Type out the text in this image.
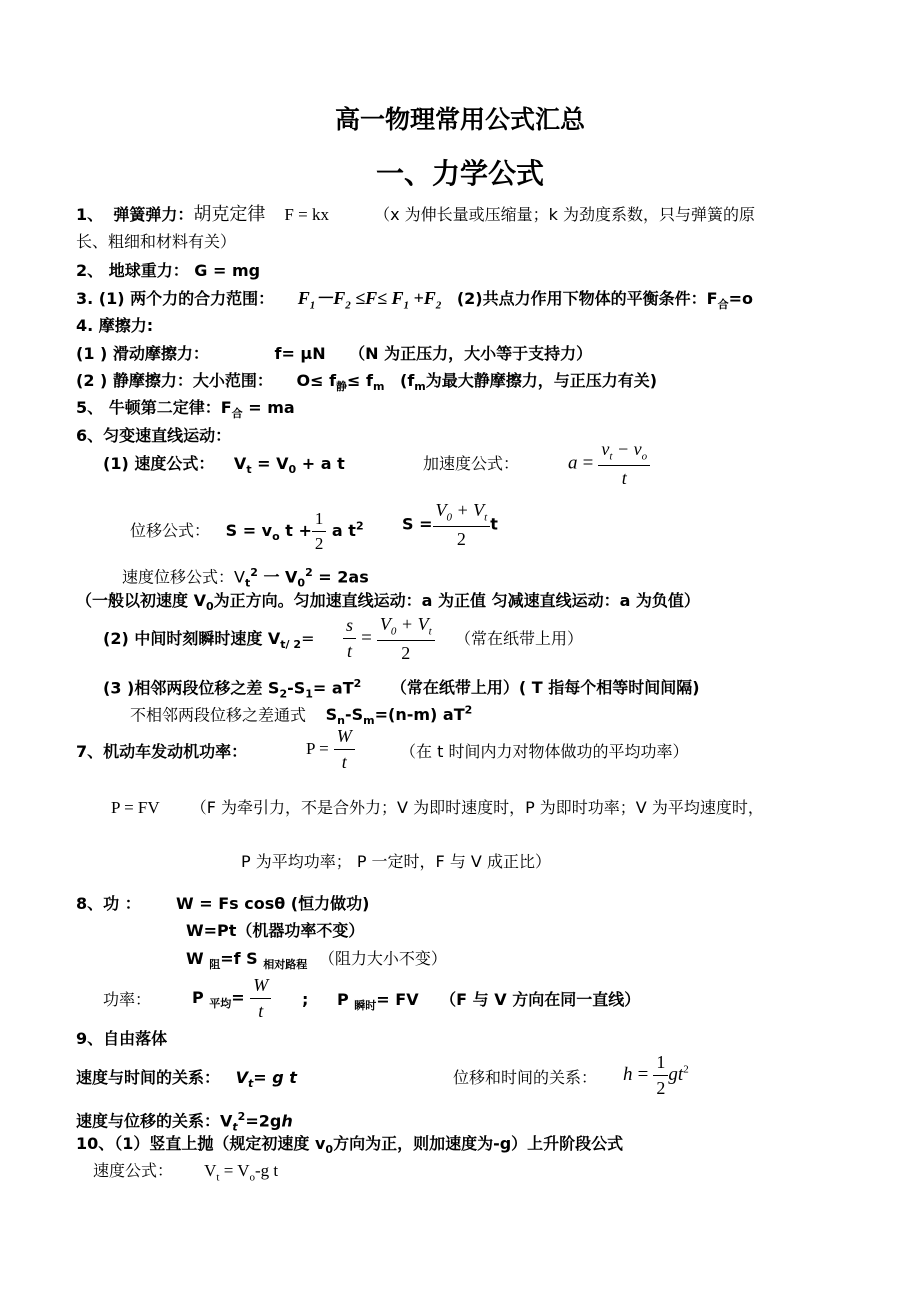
高一物理常用公式汇总
一、力学公式
1、 弹簧弹力：胡克定律 F = kx	（x 为伸长量或压缩量；k 为劲度系数，只与弹簧的原
长、粗细和材料有关）
2、 地球重力： G = mg
3. (1) 两个力的合力范围： $F_1-F_2 \le F\le F_1 +F_2$ (2)共点力作用下物体的平衡条件：$F_合=o$
4. 摩擦力:
(1 ) 滑动摩擦力：	f= μN （N 为正压力，大小等于支持力）
(2 ) 静摩擦力：大小范围： $O\le f_静\le f_m$ ($f_m$为最大静摩擦力，与正压力有关)
5、 牛顿第二定律：$F_合$ = ma
6、匀变速直线运动：
(1) 速度公式： $V_t = V_0 + a$ t	加速度公式：	$a = \frac{v_t - v_o}{t}$
位移公式： $S = v_o$ $t + \frac{1}{2}$ a $t^2$ $S = \frac{V_0 + V_t}{2}$ t
速度位移公式：$V_t^2$ 一 $V_0^2 = 2as$
（一般以初速度 $V_0$为正方向。匀加速直线运动：a 为正值 匀减速直线运动：a 为负值）
(2) 中间时刻瞬时速度 $V_{t/ 2}= \frac{s}{t} = \frac{V_0 + V_t}{2}$ （常在纸带上用）
(3 )相邻两段位移之差 $S_2-S_1= aT^2$ （常在纸带上用）( T 指每个相等时间间隔)
不相邻两段位移之差通式 $S_n-S_m=(n-m)$ $aT^2$
7、机动车发动机功率：	$P = \frac{W}{t}$	（在 t 时间内力对物体做功的平均功率）
P = FV （F 为牵引力，不是合外力；V 为即时速度时，P 为即时功率；V 为平均速度时，
P 为平均功率； P 一定时，F 与 V 成正比）
8、功 ： W = Fs cosθ (恒力做功)
W=Pt（机器功率不变）
W $_阻$=f S $_{相对路程}$ （阻力大小不变）
功率：	P $_{平均}= \frac{W}{t}$ ; P $_{瞬时}$= FV （F 与 V 方向在同一直线）
9、自由落体
速度与时间的关系： $V_t= g$ t	位移和时间的关系： $h = \frac{1}{2} gt^2$
速度与位移的关系：$V_t^2=2gh$
10、（1）竖直上抛（规定初速度 $v_0$方向为正，则加速度为-g）上升阶段公式
速度公式： $V_t = V_o-g$ t
